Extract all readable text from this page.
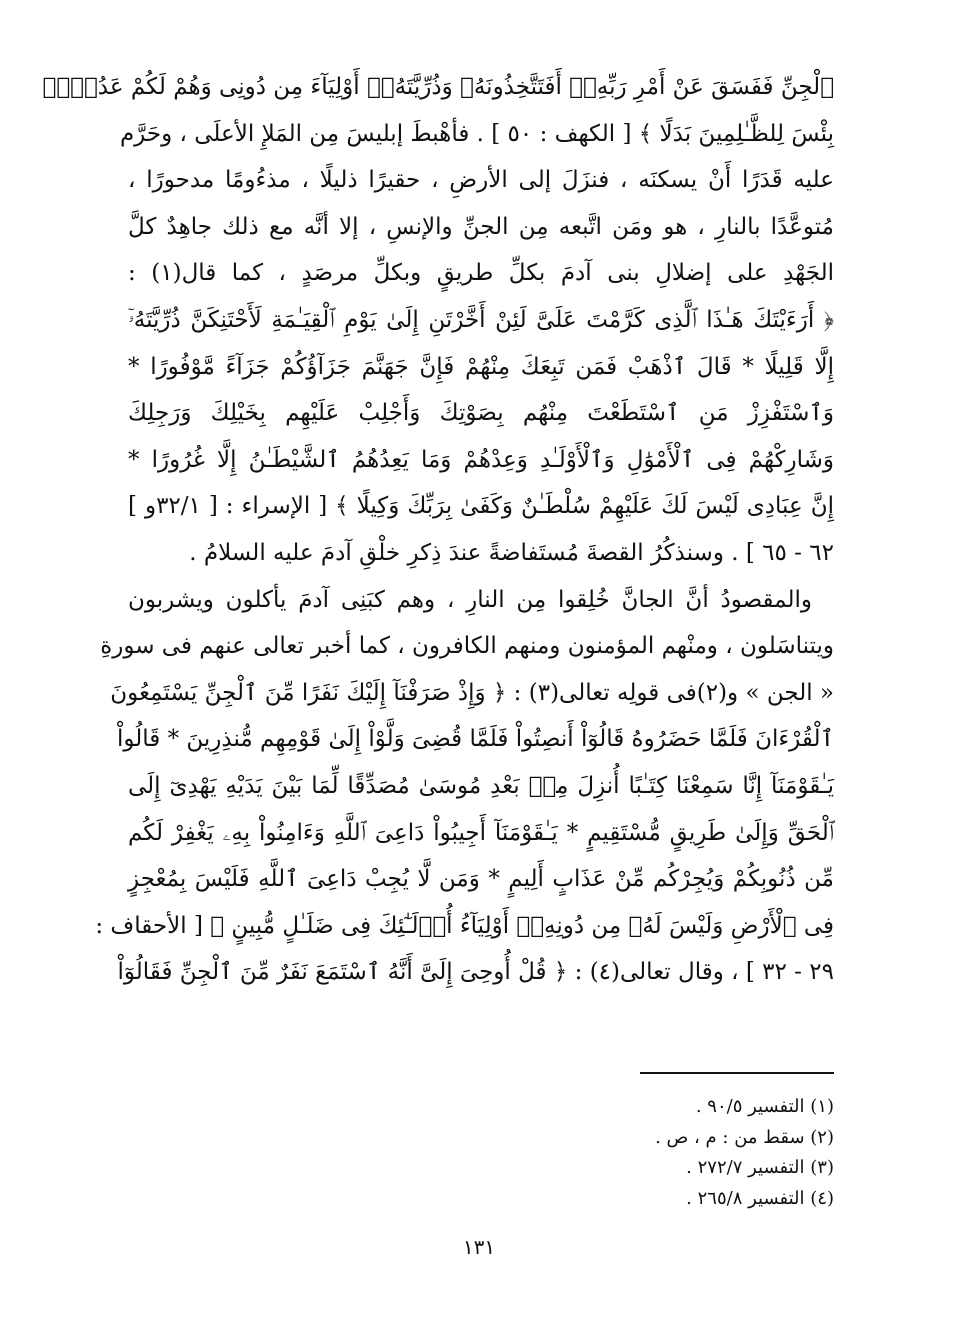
ٱلْجِنِّ فَفَسَقَ عَنْ أَمْرِ رَبِّهِۦٓ أَفَتَتَّخِذُونَهُۥ وَذُرِّيَّتَهُۥٓ أَوْلِيَآءَ مِن دُونِى وَهُمْ لَكُمْ عَدُوٌّۢ
بِئْسَ لِلظَّـٰلِمِينَ بَدَلًا ﴾ [ الكهف : ٥٠ ] . فأهْبطَ إبليسَ مِن المَلإِ الأعلَى ، وحَرَّم
عليه قَدَرًا أَنْ يسكنَه ، فنزَلَ إلى الأرضِ ، حقيرًا ذليلًا ، مذءُومًا مدحورًا ،
مُتوعَّدًا بالنارِ ، هو ومَن اتَّبعه مِن الجنِّ والإنسِ ، إلا أنَّه مع ذلك جاهِدٌ كلَّ
الجَهْدِ على إضلالِ بنى آدمَ بكلِّ طريقٍ وبكلِّ مرصَدٍ ، كما قال(١) :
﴿ أَرَءَيْتَكَ هَـٰذَا ٱلَّذِى كَرَّمْتَ عَلَىَّ لَئِنْ أَخَّرْتَنِ إِلَىٰ يَوْمِ ٱلْقِيَـٰمَةِ لَأَحْتَنِكَنَّ ذُرِّيَّتَهُۥٓ
إِلَّا قَلِيلًا * قَالَ ٱذْهَبْ فَمَن تَبِعَكَ مِنْهُمْ فَإِنَّ جَهَنَّمَ جَزَآؤُكُمْ جَزَآءً مَّوْفُورًا *
وَٱسْتَفْزِزْ مَنِ ٱسْتَطَعْتَ مِنْهُم بِصَوْتِكَ وَأَجْلِبْ عَلَيْهِم بِخَيْلِكَ وَرَجِلِكَ
وَشَارِكْهُمْ فِى ٱلْأَمْوَٰلِ وَٱلْأَوْلَـٰدِ وَعِدْهُمْ وَمَا يَعِدُهُمُ ٱلشَّيْطَـٰنُ إِلَّا غُرُورًا *
إِنَّ عِبَادِى لَيْسَ لَكَ عَلَيْهِمْ سُلْطَـٰنٌ وَكَفَىٰ بِرَبِّكَ وَكِيلًا ﴾ [ الإسراء : [ ٣٢/١و ]
٦٢ - ٦٥ ] . وسنذكُرُ القصةَ مُستَفاضةً عندَ ذِكرِ خلْقِ آدمَ عليه السلامُ .
والمقصودُ أنَّ الجانَّ خُلِقوا مِن النارِ ، وهم كبَنِى آدمَ يأكلون ويشربون
ويتناسَلون ، ومنْهم المؤمنون ومنهم الكافرون ، كما أخبر تعالى عنهم فى سورةِ
« الجن » و(٢)فى قولِه تعالى(٣) : ﴿ وَإِذْ صَرَفْنَآ إِلَيْكَ نَفَرًا مِّنَ ٱلْجِنِّ يَسْتَمِعُونَ
ٱلْقُرْءَانَ فَلَمَّا حَضَرُوهُ قَالُوٓاْ أَنصِتُواْ فَلَمَّا قُضِىَ وَلَّوْاْ إِلَىٰ قَوْمِهِم مُّنذِرِينَ * قَالُواْ
يَـٰقَوْمَنَآ إِنَّا سَمِعْنَا كِتَـٰبًا أُنزِلَ مِنۢ بَعْدِ مُوسَىٰ مُصَدِّقًا لِّمَا بَيْنَ يَدَيْهِ يَهْدِىٓ إِلَى
ٱلْحَقِّ وَإِلَىٰ طَرِيقٍ مُّسْتَقِيمٍ * يَـٰقَوْمَنَآ أَجِيبُواْ دَاعِىَ ٱللَّهِ وَءَامِنُواْ بِهِۦ يَغْفِرْ لَكُم
مِّن ذُنُوبِكُمْ وَيُجِرْكُم مِّنْ عَذَابٍ أَلِيمٍ * وَمَن لَّا يُجِبْ دَاعِىَ ٱللَّهِ فَلَيْسَ بِمُعْجِزٍ
فِى ٱلْأَرْضِ وَلَيْسَ لَهُۥ مِن دُونِهِۦٓ أَوْلِيَآءُ أُو۟لَـٰٓئِكَ فِى ضَلَـٰلٍ مُّبِينٍ ﴾ [ الأحقاف :
٢٩ - ٣٢ ] ، وقال تعالى(٤) : ﴿ قُلْ أُوحِىَ إِلَىَّ أَنَّهُ ٱسْتَمَعَ نَفَرٌ مِّنَ ٱلْجِنِّ فَقَالُوٓاْ
(١) التفسير ٩٠/٥ .
(٢) سقط من : م ، ص .
(٣) التفسير ٢٧٢/٧ .
(٤) التفسير ٢٦٥/٨ .
١٣١
